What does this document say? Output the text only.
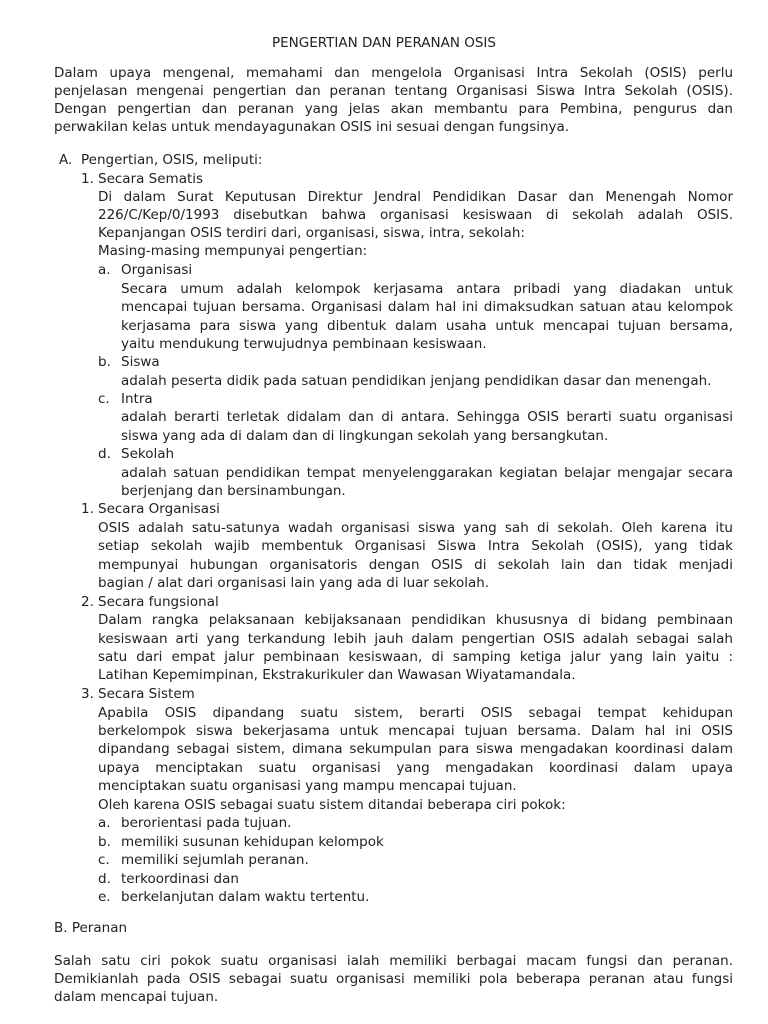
PENGERTIAN DAN PERANAN OSIS
Dalam upaya mengenal, memahami dan mengelola Organisasi Intra Sekolah (OSIS) perlu
penjelasan mengenai pengertian dan peranan tentang Organisasi Siswa Intra Sekolah (OSIS).
Dengan pengertian dan peranan yang jelas akan membantu para Pembina, pengurus dan
perwakilan kelas untuk mendayagunakan OSIS ini sesuai dengan fungsinya.
A. Pengertian, OSIS, meliputi:
1. Secara Sematis
Di dalam Surat Keputusan Direktur Jendral Pendidikan Dasar dan Menengah Nomor
226/C/Kep/0/1993 disebutkan bahwa organisasi kesiswaan di sekolah adalah OSIS.
Kepanjangan OSIS terdiri dari, organisasi, siswa, intra, sekolah:
Masing-masing mempunyai pengertian:
a. Organisasi
Secara umum adalah kelompok kerjasama antara pribadi yang diadakan untuk
mencapai tujuan bersama. Organisasi dalam hal ini dimaksudkan satuan atau kelompok
kerjasama para siswa yang dibentuk dalam usaha untuk mencapai tujuan bersama,
yaitu mendukung terwujudnya pembinaan kesiswaan.
b. Siswa
adalah peserta didik pada satuan pendidikan jenjang pendidikan dasar dan menengah.
c. Intra
adalah berarti terletak didalam dan di antara. Sehingga OSIS berarti suatu organisasi
siswa yang ada di dalam dan di lingkungan sekolah yang bersangkutan.
d. Sekolah
adalah satuan pendidikan tempat menyelenggarakan kegiatan belajar mengajar secara
berjenjang dan bersinambungan.
1. Secara Organisasi
OSIS adalah satu-satunya wadah organisasi siswa yang sah di sekolah. Oleh karena itu
setiap sekolah wajib membentuk Organisasi Siswa Intra Sekolah (OSIS), yang tidak
mempunyai hubungan organisatoris dengan OSIS di sekolah lain dan tidak menjadi
bagian / alat dari organisasi lain yang ada di luar sekolah.
2. Secara fungsional
Dalam rangka pelaksanaan kebijaksanaan pendidikan khususnya di bidang pembinaan
kesiswaan arti yang terkandung lebih jauh dalam pengertian OSIS adalah sebagai salah
satu dari empat jalur pembinaan kesiswaan, di samping ketiga jalur yang lain yaitu :
Latihan Kepemimpinan, Ekstrakurikuler dan Wawasan Wiyatamandala.
3. Secara Sistem
Apabila OSIS dipandang suatu sistem, berarti OSIS sebagai tempat kehidupan
berkelompok siswa bekerjasama untuk mencapai tujuan bersama. Dalam hal ini OSIS
dipandang sebagai sistem, dimana sekumpulan para siswa mengadakan koordinasi dalam
upaya menciptakan suatu organisasi yang mengadakan koordinasi dalam upaya
menciptakan suatu organisasi yang mampu mencapai tujuan.
Oleh karena OSIS sebagai suatu sistem ditandai beberapa ciri pokok:
a. berorientasi pada tujuan.
b. memiliki susunan kehidupan kelompok
c. memiliki sejumlah peranan.
d. terkoordinasi dan
e. berkelanjutan dalam waktu tertentu.
B. Peranan
Salah satu ciri pokok suatu organisasi ialah memiliki berbagai macam fungsi dan peranan.
Demikianlah pada OSIS sebagai suatu organisasi memiliki pola beberapa peranan atau fungsi
dalam mencapai tujuan.
